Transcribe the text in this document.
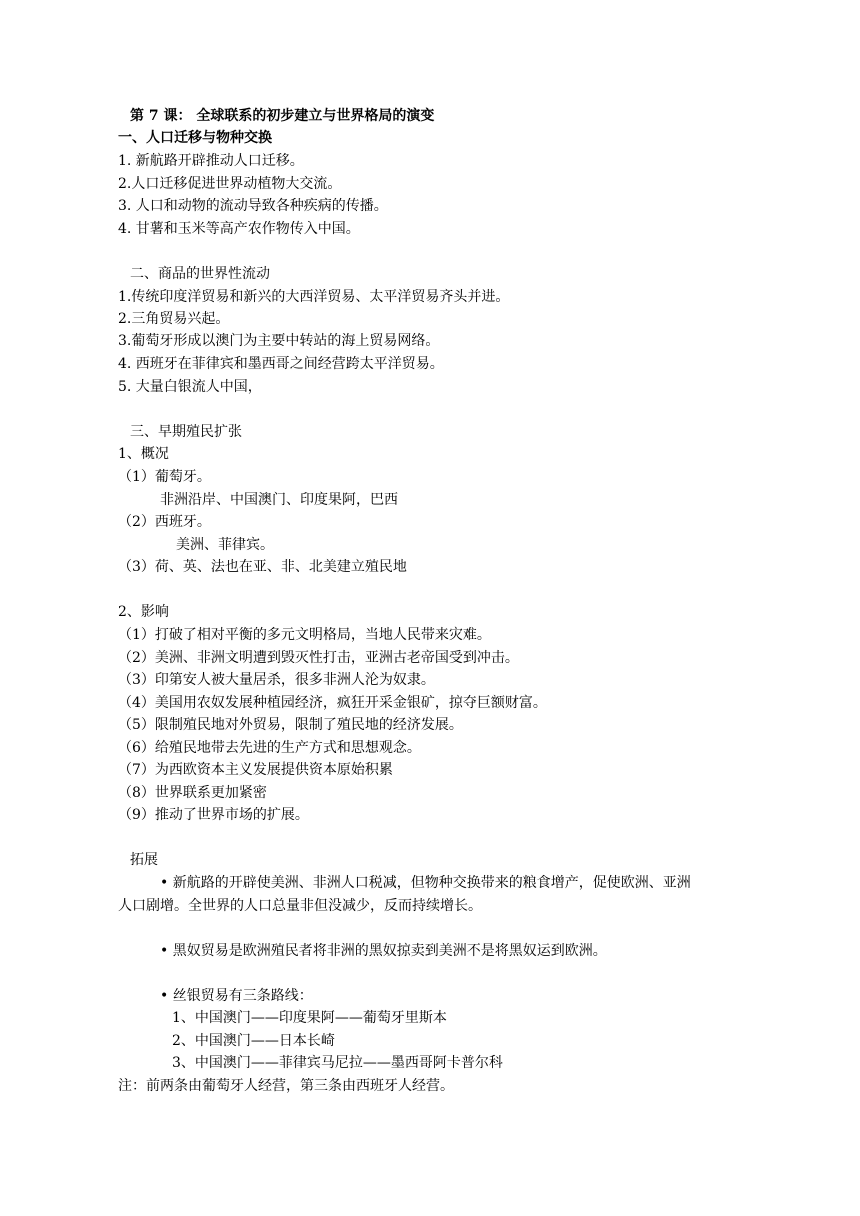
第 7 课： 全球联系的初步建立与世界格局的演变
一、人口迁移与物种交换
1. 新航路开辟推动人口迁移。
2.人口迁移促进世界动植物大交流。
3. 人口和动物的流动导致各种疾病的传播。
4. 甘薯和玉米等高产农作物传入中国。
二、商品的世界性流动
1.传统印度洋贸易和新兴的大西洋贸易、太平洋贸易齐头并进。
2.三角贸易兴起。
3.葡萄牙形成以澳门为主要中转站的海上贸易网络。
4. 西班牙在菲律宾和墨西哥之间经营跨太平洋贸易。
5. 大量白银流人中国，
三、早期殖民扩张
1、概况
（1）葡萄牙。
非洲沿岸、中国澳门、印度果阿，巴西
（2）西班牙。
美洲、菲律宾。
（3）荷、英、法也在亚、非、北美建立殖民地
2、影响
（1）打破了相对平衡的多元文明格局，当地人民带来灾难。
（2）美洲、非洲文明遭到毁灭性打击，亚洲古老帝国受到冲击。
（3）印第安人被大量居杀，很多非洲人沦为奴隶。
（4）美国用农奴发展种植园经济，疯狂开采金银矿，掠夺巨额财富。
（5）限制殖民地对外贸易，限制了殖民地的经济发展。
（6）给殖民地带去先进的生产方式和思想观念。
（7）为西欧资本主义发展提供资本原始积累
（8）世界联系更加紧密
（9）推动了世界市场的扩展。
拓展
• 新航路的开辟使美洲、非洲人口税减，但物种交换带来的粮食增产，促使欧洲、亚洲
人口剧增。全世界的人口总量非但没减少，反而持续增长。
• 黑奴贸易是欧洲殖民者将非洲的黑奴掠卖到美洲不是将黑奴运到欧洲。
• 丝银贸易有三条路线：
1、中国澳门——印度果阿——葡萄牙里斯本
2、中国澳门——日本长崎
3、中国澳门——菲律宾马尼拉——墨西哥阿卡普尔科
注：前两条由葡萄牙人经营，第三条由西班牙人经营。
